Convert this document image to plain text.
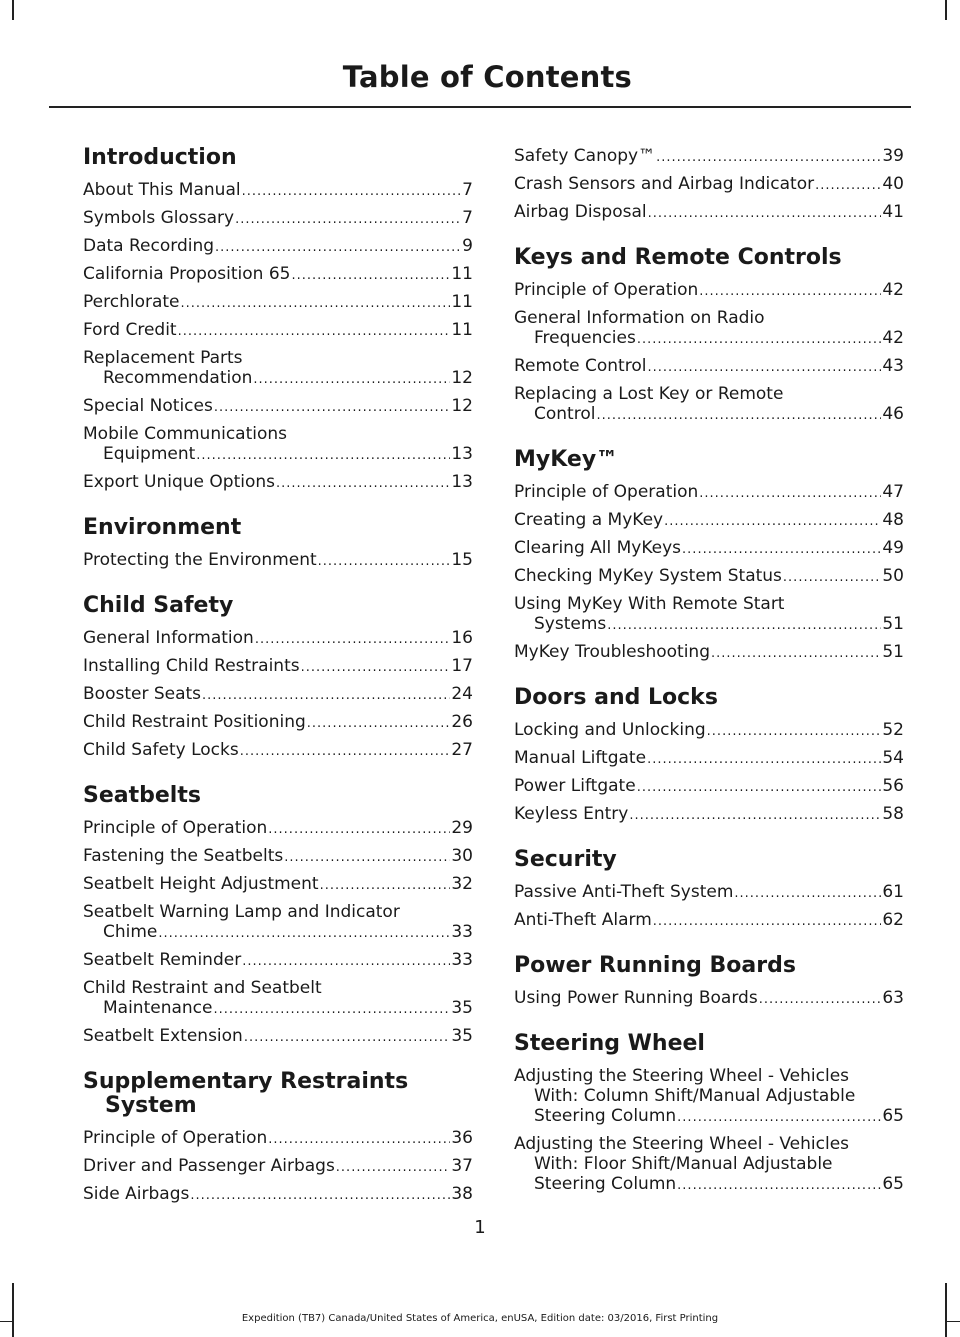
Table of Contents
Introduction
About This Manual .....	7
Symbols Glossary .....	7
Data Recording .....	9
California Proposition 65 .....	11
Perchlorate .....	11
Ford Credit .....	11
Replacement Parts
Recommendation .....	12
Special Notices .....	12
Mobile Communications
Equipment .....	13
Export Unique Options .....	13
Environment
Protecting the Environment .....	15
Child Safety
General Information .....	16
Installing Child Restraints .....	17
Booster Seats .....	24
Child Restraint Positioning .....	26
Child Safety Locks .....	27
Seatbelts
Principle of Operation .....	29
Fastening the Seatbelts .....	30
Seatbelt Height Adjustment .....	32
Seatbelt Warning Lamp and Indicator
Chime .....	33
Seatbelt Reminder .....	33
Child Restraint and Seatbelt
Maintenance .....	35
Seatbelt Extension .....	35
Supplementary Restraints
System
Principle of Operation .....	36
Driver and Passenger Airbags .....	37
Side Airbags .....	38
Safety Canopy™ .....	39
Crash Sensors and Airbag Indicator .....	40
Airbag Disposal .....	41
Keys and Remote Controls
Principle of Operation .....	42
General Information on Radio
Frequencies .....	42
Remote Control .....	43
Replacing a Lost Key or Remote
Control .....	46
MyKey™
Principle of Operation .....	47
Creating a MyKey .....	48
Clearing All MyKeys .....	49
Checking MyKey System Status .....	50
Using MyKey With Remote Start
Systems .....	51
MyKey Troubleshooting .....	51
Doors and Locks
Locking and Unlocking .....	52
Manual Liftgate .....	54
Power Liftgate .....	56
Keyless Entry .....	58
Security
Passive Anti-Theft System .....	61
Anti-Theft Alarm .....	62
Power Running Boards
Using Power Running Boards .....	63
Steering Wheel
Adjusting the Steering Wheel - Vehicles
With: Column Shift/Manual Adjustable
Steering Column .....	65
Adjusting the Steering Wheel - Vehicles
With: Floor Shift/Manual Adjustable
Steering Column .....	65
1
Expedition (TB7) Canada/United States of America, enUSA, Edition date: 03/2016, First Printing
